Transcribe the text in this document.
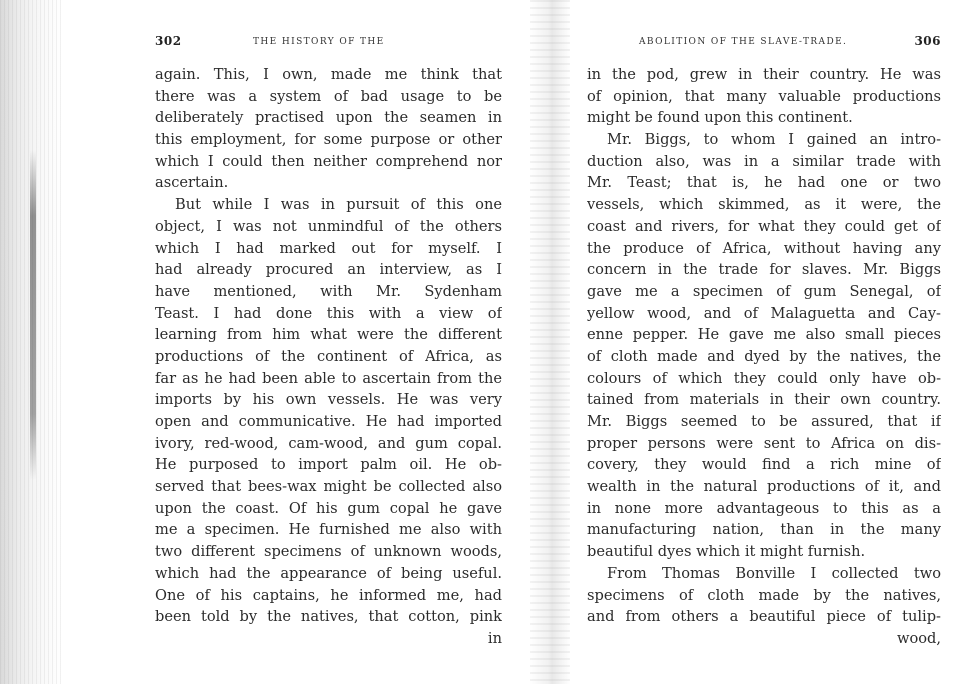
302	THE HISTORY OF THE
again. This, I own, made me think that
there was a system of bad usage to be
deliberately practised upon the seamen in
this employment, for some purpose or other
which I could then neither comprehend nor
ascertain.
But while I was in pursuit of this one
object, I was not unmindful of the others
which I had marked out for myself. I
had already procured an interview, as I
have mentioned, with Mr. Sydenham
Teast. I had done this with a view of
learning from him what were the different
productions of the continent of Africa, as
far as he had been able to ascertain from the
imports by his own vessels. He was very
open and communicative. He had imported
ivory, red-wood, cam-wood, and gum copal.
He purposed to import palm oil. He ob-
served that bees-wax might be collected also
upon the coast. Of his gum copal he gave
me a specimen. He furnished me also with
two different specimens of unknown woods,
which had the appearance of being useful.
One of his captains, he informed me, had
been told by the natives, that cotton, pink
in
ABOLITION OF THE SLAVE-TRADE.	306
in the pod, grew in their country. He was
of opinion, that many valuable productions
might be found upon this continent.
Mr. Biggs, to whom I gained an intro-
duction also, was in a similar trade with
Mr. Teast; that is, he had one or two
vessels, which skimmed, as it were, the
coast and rivers, for what they could get of
the produce of Africa, without having any
concern in the trade for slaves. Mr. Biggs
gave me a specimen of gum Senegal, of
yellow wood, and of Malaguetta and Cay-
enne pepper. He gave me also small pieces
of cloth made and dyed by the natives, the
colours of which they could only have ob-
tained from materials in their own country.
Mr. Biggs seemed to be assured, that if
proper persons were sent to Africa on dis-
covery, they would find a rich mine of
wealth in the natural productions of it, and
in none more advantageous to this as a
manufacturing nation, than in the many
beautiful dyes which it might furnish.
From Thomas Bonville I collected two
specimens of cloth made by the natives,
and from others a beautiful piece of tulip-
wood,
